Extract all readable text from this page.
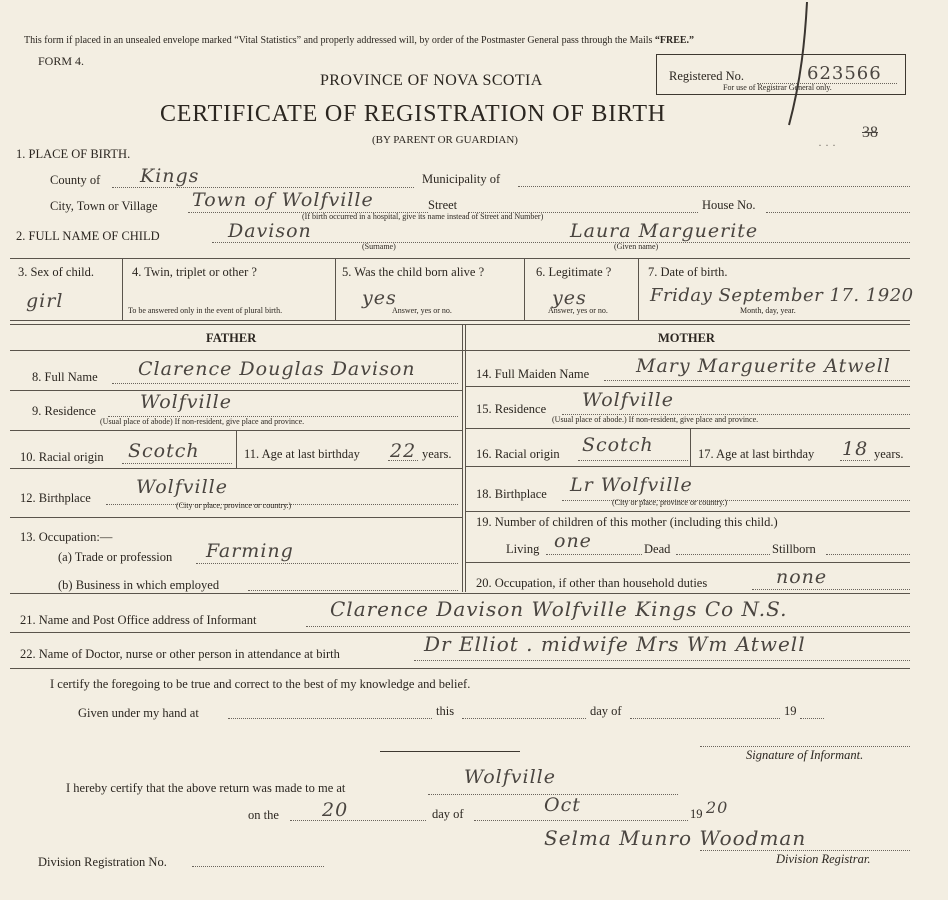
This form if placed in an unsealed envelope marked “Vital Statistics” and properly addressed will, by order of the Postmaster General pass through the Mails “FREE.”
FORM 4.
PROVINCE OF NOVA SCOTIA
CERTIFICATE OF REGISTRATION OF BIRTH
(BY PARENT OR GUARDIAN)
Registered No.	623566
For use of Registrar General only.
38
· · ·
1. PLACE OF BIRTH.
County of Kings	Municipality of
City, Town or Village Town of Wolfville	Street
(If birth occurred in a hospital, give its name instead of Street and Number)
House No.
2. FULL NAME OF CHILD	Davison
(Surname)
Laura Marguerite
(Given name)
3. Sex of child.
girl
4. Twin, triplet or other ?
To be answered only in the event of plural birth.
5. Was the child born alive ?
yes
Answer, yes or no.
6. Legitimate ?
yes
Answer, yes or no.
7. Date of birth.
Friday September 17. 1920
Month, day, year.
FATHER	MOTHER
8. Full Name Clarence Douglas Davison
9. Residence Wolfville
(Usual place of abode) If non-resident, give place and province.
10. Racial origin Scotch	11. Age at last birthday 22 years.
12. Birthplace Wolfville
(City or place, province or country.)
13. Occupation:—
(a) Trade or profession Farming
(b) Business in which employed
14. Full Maiden Name Mary Marguerite Atwell
15. Residence Wolfville
(Usual place of abode.) If non-resident, give place and province.
16. Racial origin Scotch	17. Age at last birthday 18 years.
18. Birthplace Lr Wolfville
(City or place, province or country.)
19. Number of children of this mother (including this child.)
Living one	Dead	Stillborn
20. Occupation, if other than household duties	none
21. Name and Post Office address of Informant	Clarence Davison Wolfville Kings Co N.S.
22. Name of Doctor, nurse or other person in attendance at birth	Dr Elliot . midwife Mrs Wm Atwell
I certify the foregoing to be true and correct to the best of my knowledge and belief.
Given under my hand at	this	day of	19
Signature of Informant.
I hereby certify that the above return was made to me at	Wolfville
on the 20	day of	Oct	19 20
Selma Munro Woodman
Division Registrar.
Division Registration No.
